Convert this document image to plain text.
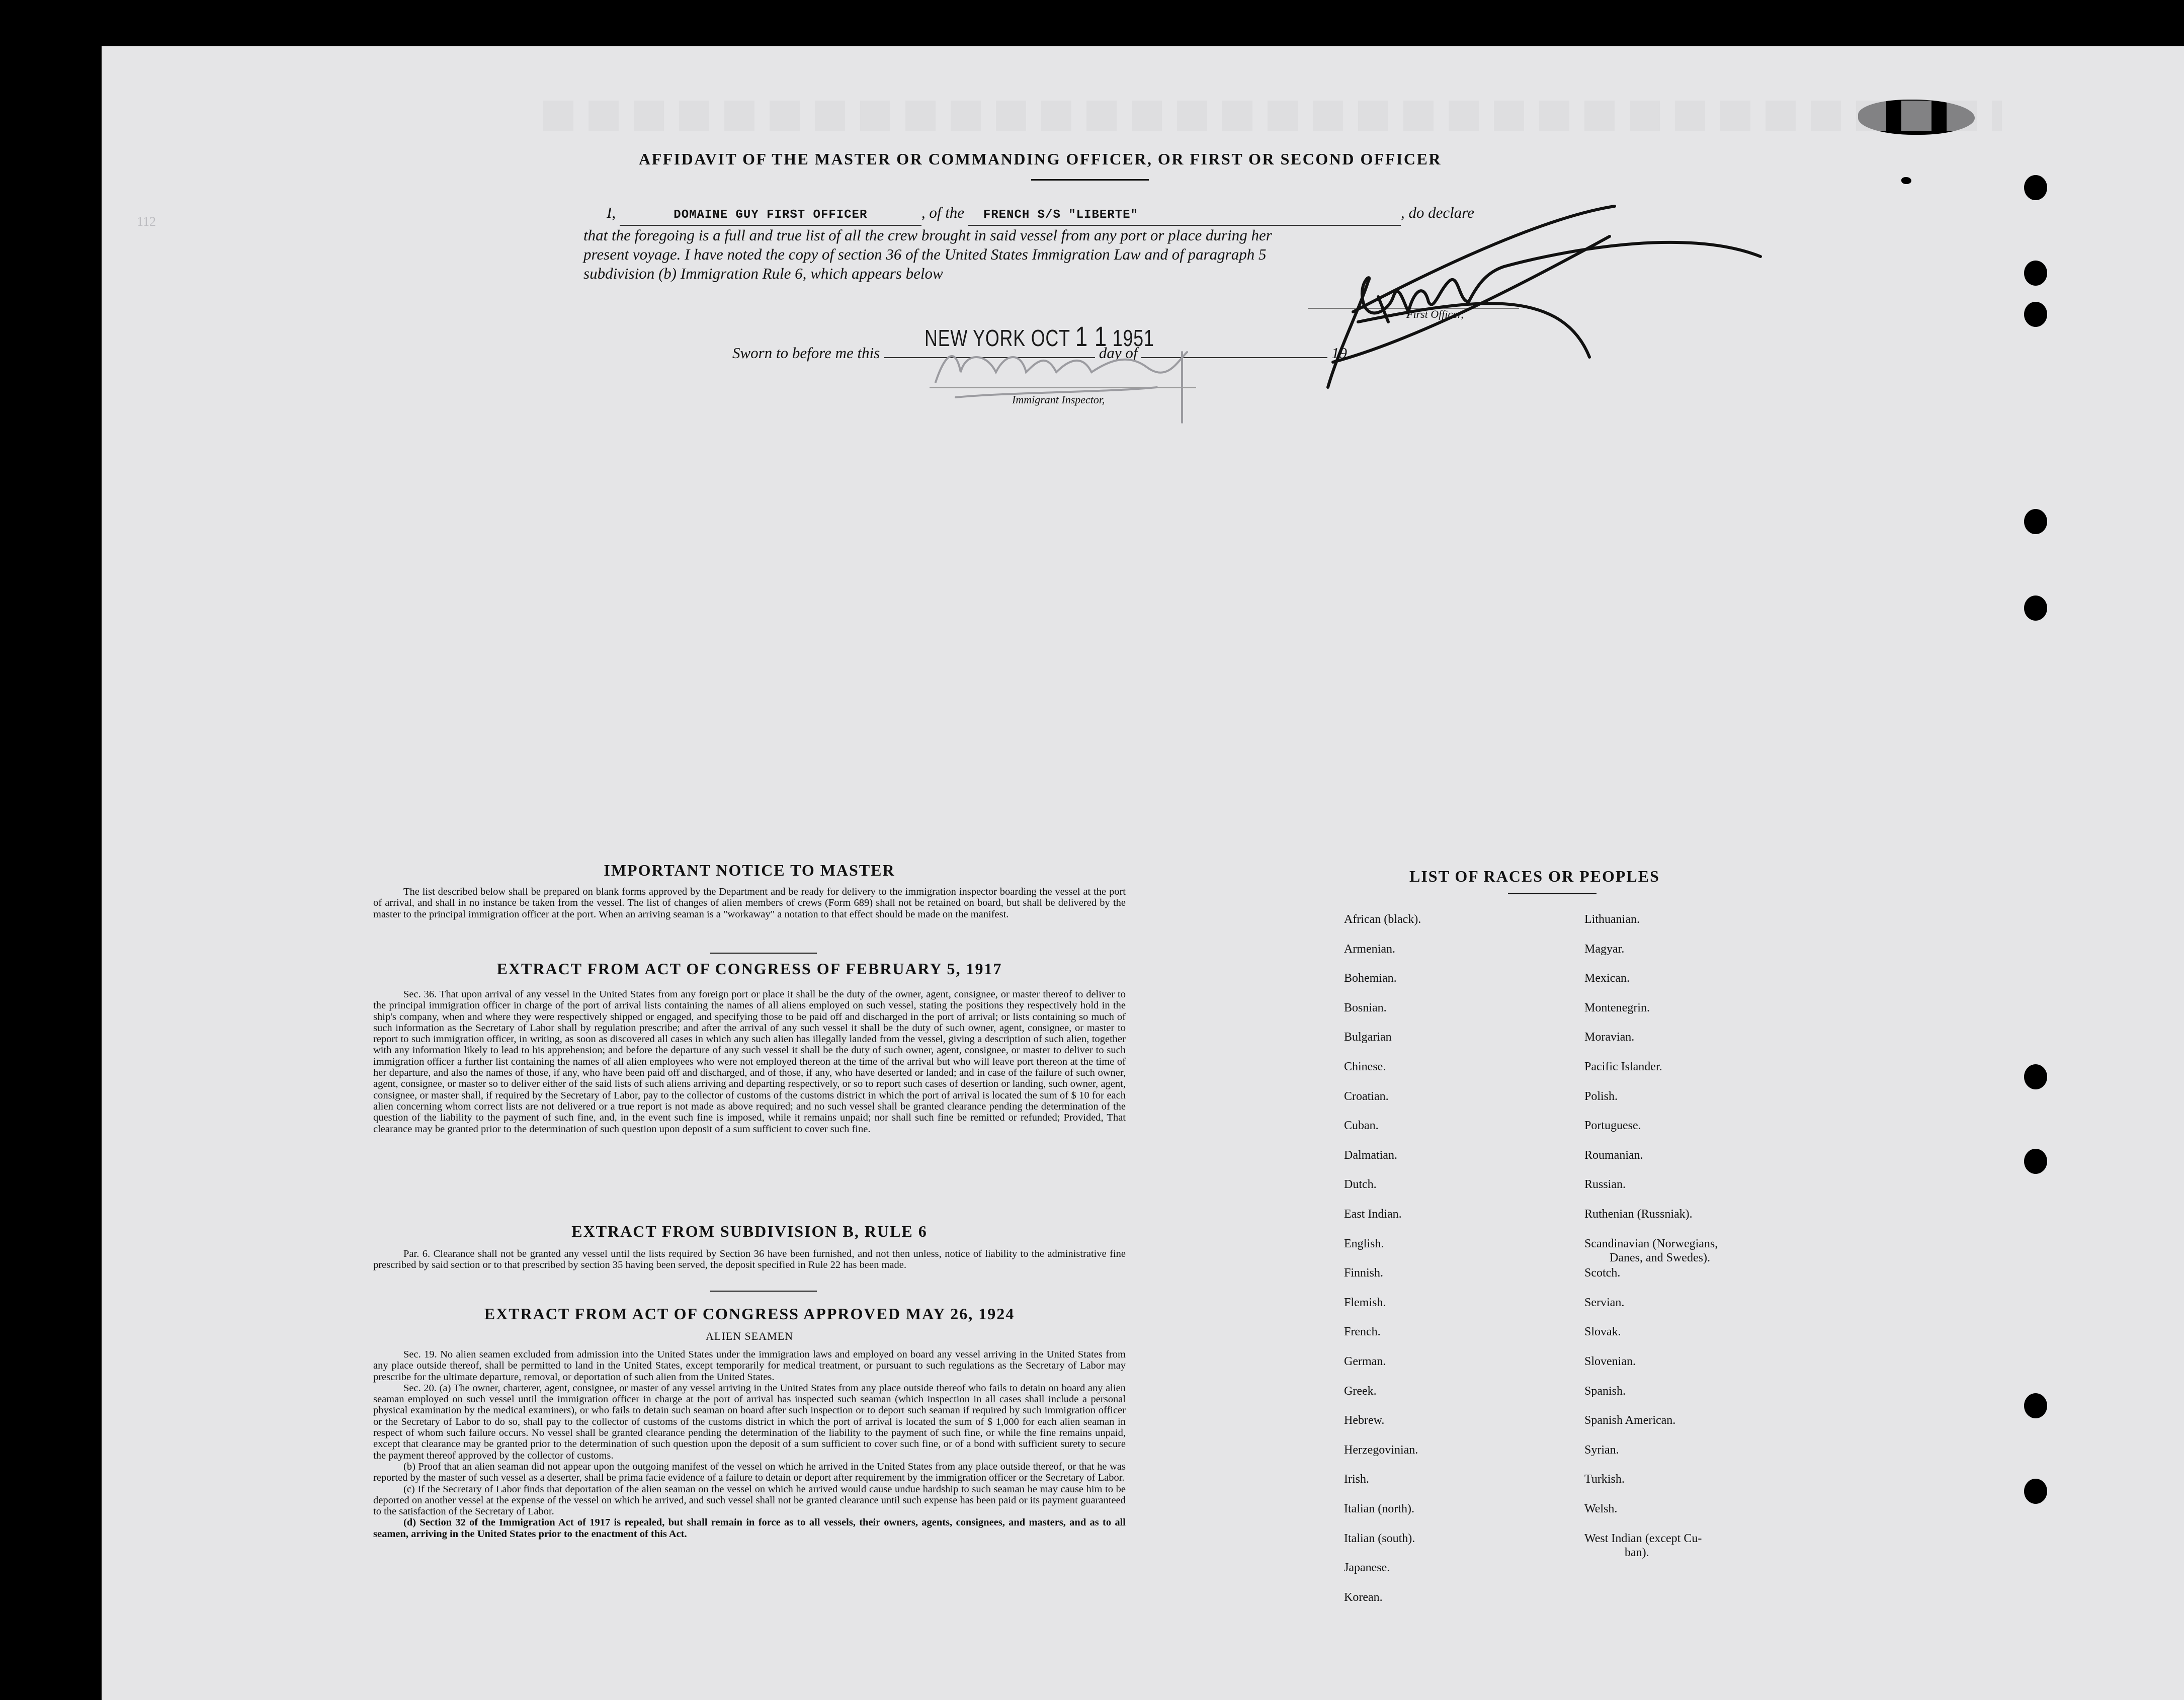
112
AFFIDAVIT OF THE MASTER OR COMMANDING OFFICER, OR FIRST OR SECOND OFFICER
I,	DOMAINE GUY FIRST OFFICER	, of the FRENCH S/S "LIBERTE"	, do declare
that the foregoing is a full and true list of all the crew brought in said vessel from any port or place during her
present voyage. I have noted the copy of section 36 of the United States Immigration Law and of paragraph 5
subdivision (b) Immigration Rule 6, which appears below
First Officer,
NEW YORK OCT 1 1 1951
Sworn to before me this	day of	19
Immigrant Inspector,
IMPORTANT NOTICE TO MASTER

The list described below shall be prepared on blank forms approved by the Department and be ready for delivery to the immigration inspector boarding the vessel at the port of arrival, and shall in no instance be taken from the vessel. The list of changes of alien members of crews (Form 689) shall not be retained on board, but shall be delivered by the master to the principal immigration officer at the port. When an arriving seaman is a "workaway" a notation to that effect should be made on the manifest.

EXTRACT FROM ACT OF CONGRESS OF FEBRUARY 5, 1917

Sec. 36. That upon arrival of any vessel in the United States from any foreign port or place it shall be the duty of the owner, agent, consignee, or master thereof to deliver to the principal immigration officer in charge of the port of arrival lists containing the names of all aliens employed on such vessel, stating the positions they respectively hold in the ship's company, when and where they were respectively shipped or engaged, and specifying those to be paid off and discharged in the port of arrival; or lists containing so much of such information as the Secretary of Labor shall by regulation prescribe; and after the arrival of any such vessel it shall be the duty of such owner, agent, consignee, or master to report to such immigration officer, in writing, as soon as discovered all cases in which any such alien has illegally landed from the vessel, giving a description of such alien, together with any information likely to lead to his apprehension; and before the departure of any such vessel it shall be the duty of such owner, agent, consignee, or master to deliver to such immigration officer a further list containing the names of all alien employees who were not employed thereon at the time of the arrival but who will leave port thereon at the time of her departure, and also the names of those, if any, who have been paid off and discharged, and of those, if any, who have deserted or landed; and in case of the failure of such owner, agent, consignee, or master so to deliver either of the said lists of such aliens arriving and departing respectively, or so to report such cases of desertion or landing, such owner, agent, consignee, or master shall, if required by the Secretary of Labor, pay to the collector of customs of the customs district in which the port of arrival is located the sum of $ 10 for each alien concerning whom correct lists are not delivered or a true report is not made as above required; and no such vessel shall be granted clearance pending the determination of the question of the liability to the payment of such fine, and, in the event such fine is imposed, while it remains unpaid; nor shall such fine be remitted or refunded; Provided, That clearance may be granted prior to the determination of such question upon deposit of a sum sufficient to cover such fine.

EXTRACT FROM SUBDIVISION B, RULE 6

Par. 6. Clearance shall not be granted any vessel until the lists required by Section 36 have been furnished, and not then unless, notice of liability to the administrative fine prescribed by said section or to that prescribed by section 35 having been served, the deposit specified in Rule 22 has been made.

EXTRACT FROM ACT OF CONGRESS APPROVED MAY 26, 1924
ALIEN SEAMEN

Sec. 19. No alien seamen excluded from admission into the United States under the immigration laws and employed on board any vessel arriving in the United States from any place outside thereof, shall be permitted to land in the United States, except temporarily for medical treatment, or pursuant to such regulations as the Secretary of Labor may prescribe for the ultimate departure, removal, or deportation of such alien from the United States.

Sec. 20. (a) The owner, charterer, agent, consignee, or master of any vessel arriving in the United States from any place outside thereof who fails to detain on board any alien seaman employed on such vessel until the immigration officer in charge at the port of arrival has inspected such seaman (which inspection in all cases shall include a personal physical examination by the medical examiners), or who fails to detain such seaman on board after such inspection or to deport such seaman if required by such immigration officer or the Secretary of Labor to do so, shall pay to the collector of customs of the customs district in which the port of arrival is located the sum of $ 1,000 for each alien seaman in respect of whom such failure occurs. No vessel shall be granted clearance pending the determination of the liability to the payment of such fine, or while the fine remains unpaid, except that clearance may be granted prior to the determination of such question upon the deposit of a sum sufficient to cover such fine, or of a bond with sufficient surety to secure the payment thereof approved by the collector of customs.

(b) Proof that an alien seaman did not appear upon the outgoing manifest of the vessel on which he arrived in the United States from any place outside thereof, or that he was reported by the master of such vessel as a deserter, shall be prima facie evidence of a failure to detain or deport after requirement by the immigration officer or the Secretary of Labor.

(c) If the Secretary of Labor finds that deportation of the alien seaman on the vessel on which he arrived would cause undue hardship to such seaman he may cause him to be deported on another vessel at the expense of the vessel on which he arrived, and such vessel shall not be granted clearance until such expense has been paid or its payment guaranteed to the satisfaction of the Secretary of Labor.

(d) Section 32 of the Immigration Act of 1917 is repealed, but shall remain in force as to all vessels, their owners, agents, consignees, and masters, and as to all seamen, arriving in the United States prior to the enactment of this Act.

LIST OF RACES OR PEOPLES
African (black).
Armenian.
Bohemian.
Bosnian.
Bulgarian
Chinese.
Croatian.
Cuban.
Dalmatian.
Dutch.
East Indian.
English.
Finnish.
Flemish.
French.
German.
Greek.
Hebrew.
Herzegovinian.
Irish.
Italian (north).
Italian (south).
Japanese.
Korean.
Lithuanian.
Magyar.
Mexican.
Montenegrin.
Moravian.
Pacific Islander.
Polish.
Portuguese.
Roumanian.
Russian.
Ruthenian (Russniak).
Scandinavian (Norwegians,
Danes, and Swedes).
Scotch.
Servian.
Slovak.
Slovenian.
Spanish.
Spanish American.
Syrian.
Turkish.
Welsh.
West Indian (except Cu-
ban).
